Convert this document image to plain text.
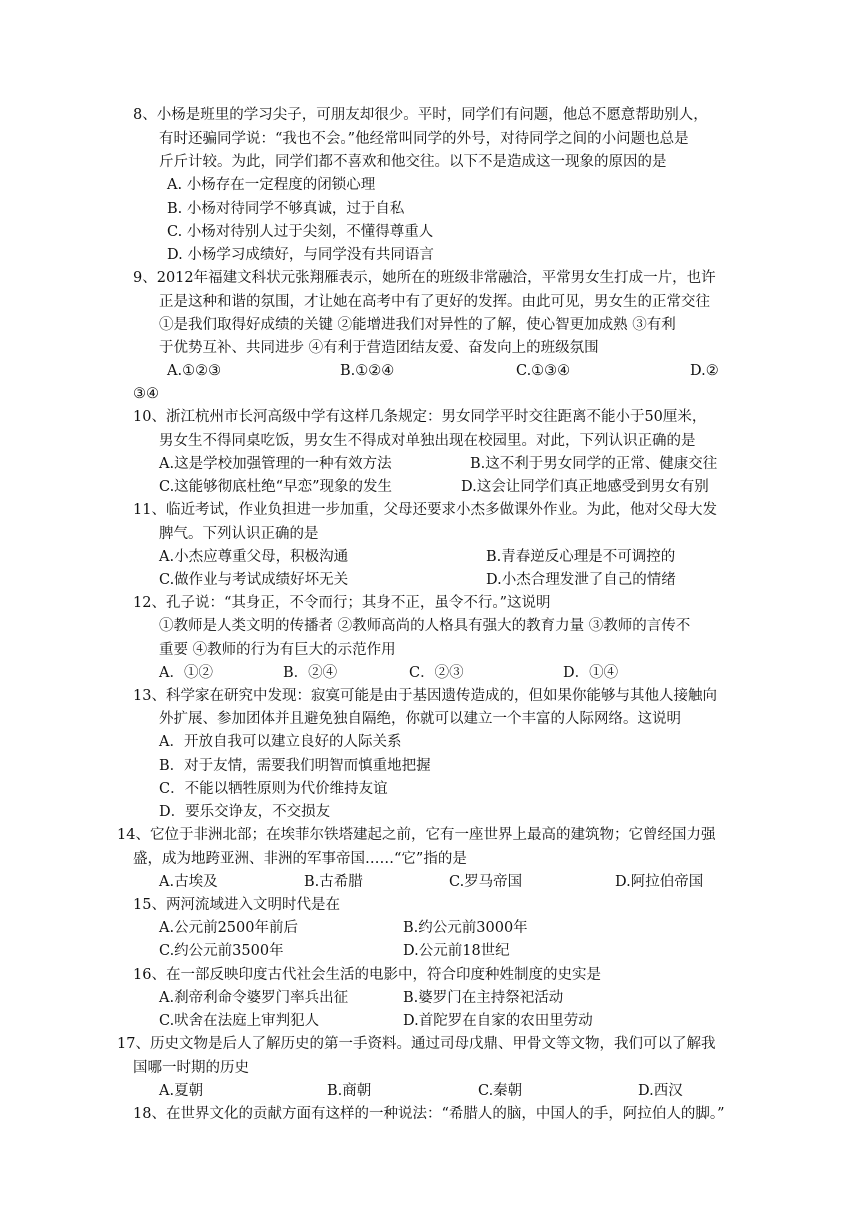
8、小杨是班里的学习尖子，可朋友却很少。平时，同学们有问题，他总不愿意帮助别人，
有时还骗同学说：“我也不会。”他经常叫同学的外号，对待同学之间的小问题也总是
斤斤计较。为此，同学们都不喜欢和他交往。以下不是造成这一现象的原因的是
A. 小杨存在一定程度的闭锁心理
B. 小杨对待同学不够真诚，过于自私
C. 小杨对待别人过于尖刻，不懂得尊重人
D. 小杨学习成绩好，与同学没有共同语言
9、2012年福建文科状元张翔雁表示，她所在的班级非常融洽，平常男女生打成一片，也许
正是这种和谐的氛围，才让她在高考中有了更好的发挥。由此可见，男女生的正常交往
①是我们取得好成绩的关键 ②能增进我们对异性的了解，使心智更加成熟 ③有利
于优势互补、共同进步 ④有利于营造团结友爱、奋发向上的班级氛围
A.①②③	B.①②④	C.①③④	D.②
③④
10、浙江杭州市长河高级中学有这样几条规定：男女同学平时交往距离不能小于50厘米，
男女生不得同桌吃饭，男女生不得成对单独出现在校园里。对此，下列认识正确的是
A.这是学校加强管理的一种有效方法	B.这不利于男女同学的正常、健康交往
C.这能够彻底杜绝“早恋”现象的发生	D.这会让同学们真正地感受到男女有别
11、临近考试，作业负担进一步加重，父母还要求小杰多做课外作业。为此，他对父母大发
脾气。下列认识正确的是
A.小杰应尊重父母，积极沟通	B.青春逆反心理是不可调控的
C.做作业与考试成绩好坏无关	D.小杰合理发泄了自己的情绪
12、孔子说：“其身正，不令而行；其身不正，虽令不行。”这说明
①教师是人类文明的传播者 ②教师高尚的人格具有强大的教育力量 ③教师的言传不
重要 ④教师的行为有巨大的示范作用
A．①②	B．②④	C．②③	D．①④
13、科学家在研究中发现：寂寞可能是由于基因遗传造成的，但如果你能够与其他人接触向
外扩展、参加团体并且避免独自隔绝，你就可以建立一个丰富的人际网络。这说明
A．开放自我可以建立良好的人际关系
B．对于友情，需要我们明智而慎重地把握
C．不能以牺牲原则为代价维持友谊
D．要乐交诤友，不交损友
14、它位于非洲北部；在埃菲尔铁塔建起之前，它有一座世界上最高的建筑物；它曾经国力强
盛，成为地跨亚洲、非洲的军事帝国……“它”指的是
A.古埃及	B.古希腊	C.罗马帝国	D.阿拉伯帝国
15、两河流域进入文明时代是在
A.公元前2500年前后	B.约公元前3000年
C.约公元前3500年	D.公元前18世纪
16、在一部反映印度古代社会生活的电影中，符合印度种姓制度的史实是
A.刹帝利命令婆罗门率兵出征	B.婆罗门在主持祭祀活动
C.吠舍在法庭上审判犯人	D.首陀罗在自家的农田里劳动
17、历史文物是后人了解历史的第一手资料。通过司母戊鼎、甲骨文等文物，我们可以了解我
国哪一时期的历史
A.夏朝	B.商朝	C.秦朝	D.西汉
18、在世界文化的贡献方面有这样的一种说法：“希腊人的脑，中国人的手，阿拉伯人的脚。”
